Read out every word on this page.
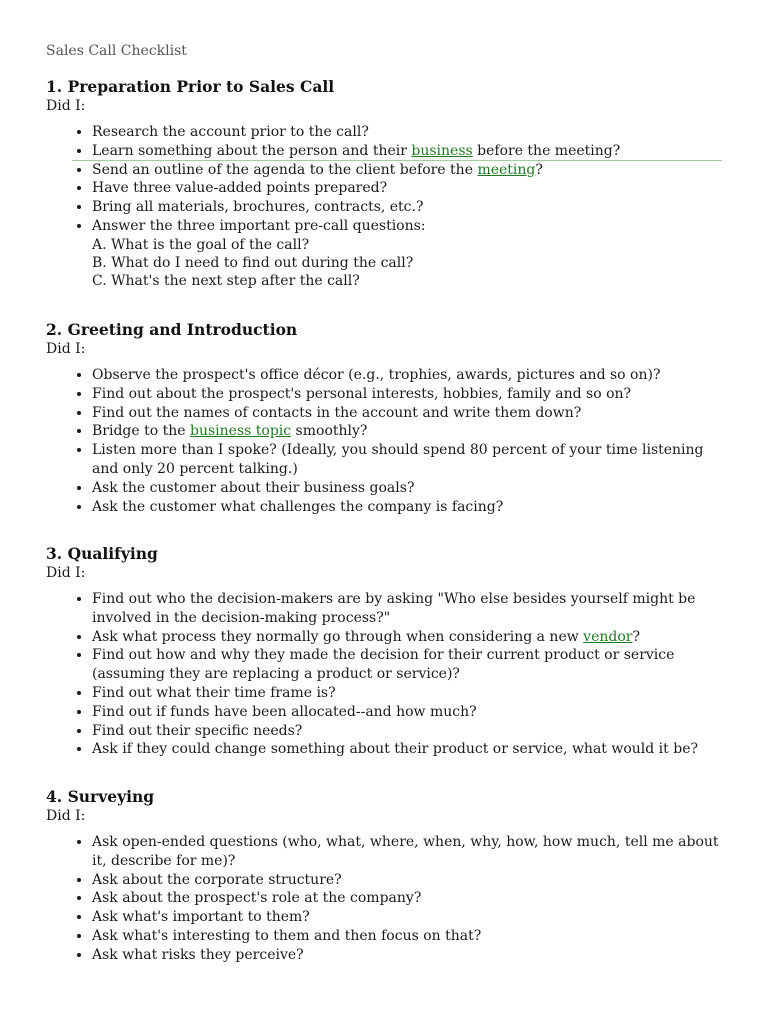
Sales Call Checklist
1. Preparation Prior to Sales Call
Did I:
• Research the account prior to the call?
• Learn something about the person and their business before the meeting?
• Send an outline of the agenda to the client before the meeting?
• Have three value-added points prepared?
• Bring all materials, brochures, contracts, etc.?
• Answer the three important pre-call questions:
A. What is the goal of the call?
B. What do I need to find out during the call?
C. What's the next step after the call?
2. Greeting and Introduction
Did I:
• Observe the prospect's office décor (e.g., trophies, awards, pictures and so on)?
• Find out about the prospect's personal interests, hobbies, family and so on?
• Find out the names of contacts in the account and write them down?
• Bridge to the business topic smoothly?
• Listen more than I spoke? (Ideally, you should spend 80 percent of your time listening and only 20 percent talking.)
• Ask the customer about their business goals?
• Ask the customer what challenges the company is facing?
3. Qualifying
Did I:
• Find out who the decision-makers are by asking "Who else besides yourself might be involved in the decision-making process?"
• Ask what process they normally go through when considering a new vendor?
• Find out how and why they made the decision for their current product or service (assuming they are replacing a product or service)?
• Find out what their time frame is?
• Find out if funds have been allocated--and how much?
• Find out their specific needs?
• Ask if they could change something about their product or service, what would it be?
4. Surveying
Did I:
• Ask open-ended questions (who, what, where, when, why, how, how much, tell me about it, describe for me)?
• Ask about the corporate structure?
• Ask about the prospect's role at the company?
• Ask what's important to them?
• Ask what's interesting to them and then focus on that?
• Ask what risks they perceive?
